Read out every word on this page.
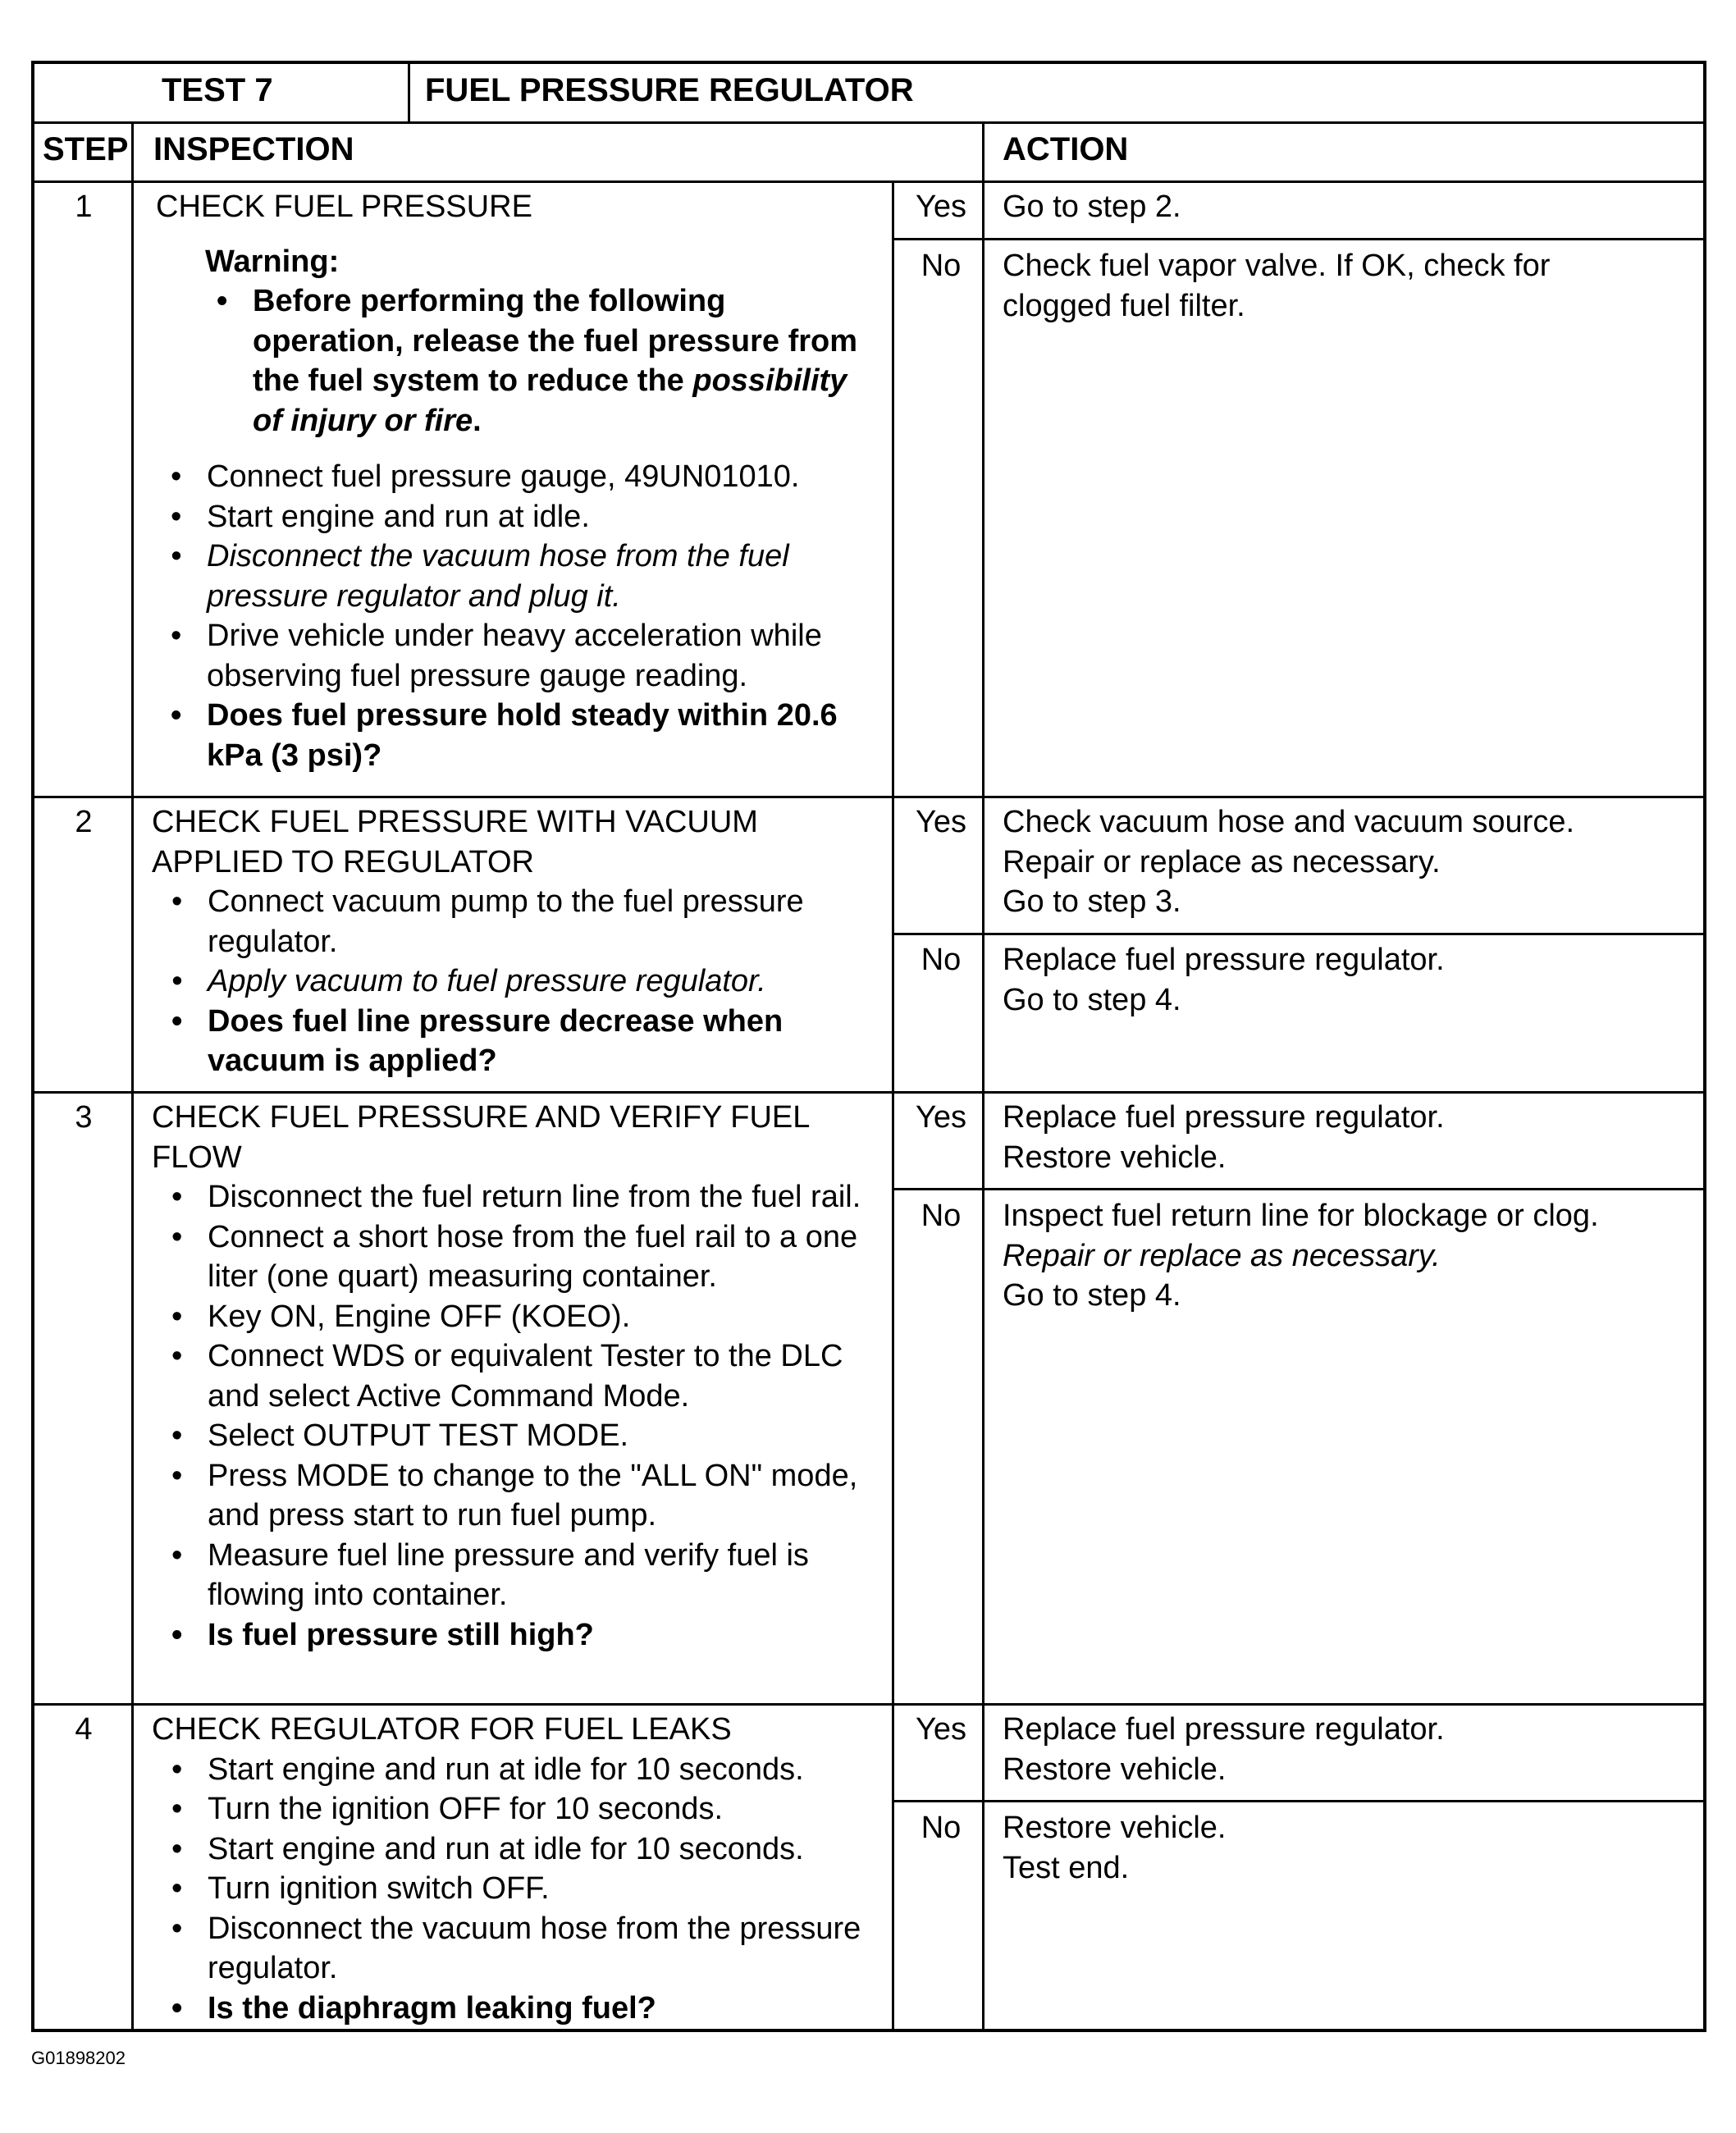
TEST 7	FUEL PRESSURE REGULATOR
STEP INSPECTION	ACTION
1	CHECK FUEL PRESSURE
Warning:
• Before performing the following operation, release the fuel pressure from the fuel system to reduce the possibility of injury or fire.
• Connect fuel pressure gauge, 49UN01010.
• Start engine and run at idle.
• Disconnect the vacuum hose from the fuel pressure regulator and plug it.
• Drive vehicle under heavy acceleration while observing fuel pressure gauge reading.
• Does fuel pressure hold steady within 20.6 kPa (3 psi)?
Yes	Go to step 2.
No	Check fuel vapor valve. If OK, check for clogged fuel filter.
2	CHECK FUEL PRESSURE WITH VACUUM APPLIED TO REGULATOR
• Connect vacuum pump to the fuel pressure regulator.
• Apply vacuum to fuel pressure regulator.
• Does fuel line pressure decrease when vacuum is applied?
Yes	Check vacuum hose and vacuum source.
Repair or replace as necessary.
Go to step 3.
No	Replace fuel pressure regulator.
Go to step 4.
3	CHECK FUEL PRESSURE AND VERIFY FUEL FLOW
• Disconnect the fuel return line from the fuel rail.
• Connect a short hose from the fuel rail to a one liter (one quart) measuring container.
• Key ON, Engine OFF (KOEO).
• Connect WDS or equivalent Tester to the DLC and select Active Command Mode.
• Select OUTPUT TEST MODE.
• Press MODE to change to the "ALL ON" mode, and press start to run fuel pump.
• Measure fuel line pressure and verify fuel is flowing into container.
• Is fuel pressure still high?
Yes	Replace fuel pressure regulator.
Restore vehicle.
No	Inspect fuel return line for blockage or clog.
Repair or replace as necessary.
Go to step 4.
4	CHECK REGULATOR FOR FUEL LEAKS
• Start engine and run at idle for 10 seconds.
• Turn the ignition OFF for 10 seconds.
• Start engine and run at idle for 10 seconds.
• Turn ignition switch OFF.
• Disconnect the vacuum hose from the pressure regulator.
• Is the diaphragm leaking fuel?
Yes	Replace fuel pressure regulator.
Restore vehicle.
No	Restore vehicle.
Test end.
G01898202
